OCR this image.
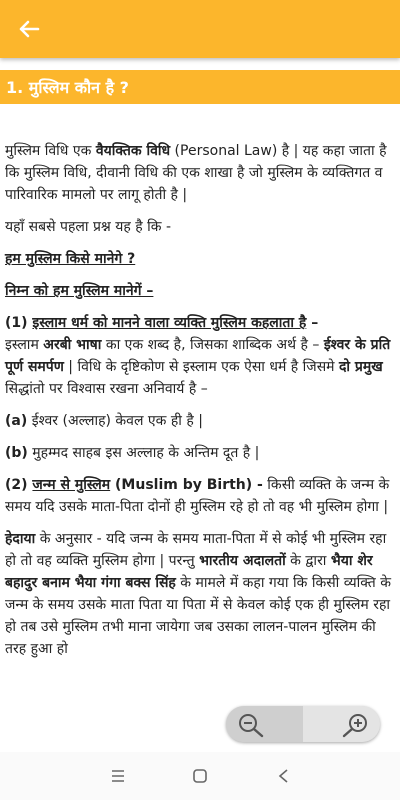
1. मुस्लिम कौन है ?

मुस्लिम विधि एक वैयक्तिक विधि (Personal Law) है | यह कहा जाता है कि मुस्लिम विधि, दीवानी विधि की एक शाखा है जो मुस्लिम के व्यक्तिगत व पारिवारिक मामलो पर लागू होती है |

यहाँ सबसे पहला प्रश्न यह है कि -

हम मुस्लिम किसे मानेगे ?

निम्न को हम मुस्लिम मानेगें –

(1) इस्लाम धर्म को मानने वाला व्यक्ति मुस्लिम कहलाता है –
इस्लाम अरबी भाषा का एक शब्द है, जिसका शाब्दिक अर्थ है – ईश्वर के प्रति पूर्ण समर्पण | विधि के दृष्टिकोण से इस्लाम एक ऐसा धर्म है जिसमे दो प्रमुख सिद्धांतो पर विश्वास रखना अनिवार्य है –

(a) ईश्वर (अल्लाह) केवल एक ही है |

(b) मुहम्मद साहब इस अल्लाह के अन्तिम दूत है |

(2) जन्म से मुस्लिम (Muslim by Birth) - किसी व्यक्ति के जन्म के समय यदि उसके माता-पिता दोनों ही मुस्लिम रहे हो तो वह भी मुस्लिम होगा |

हेदाया के अनुसार - यदि जन्म के समय माता-पिता में से कोई भी मुस्लिम रहा हो तो वह व्यक्ति मुस्लिम होगा | परन्तु भारतीय अदालतों के द्वारा भैया शेर बहादुर बनाम भैया गंगा बक्स सिंह के मामले में कहा गया कि किसी व्यक्ति के जन्म के समय उसके माता पिता या पिता में से केवल कोई एक ही मुस्लिम रहा हो तब उसे मुस्लिम तभी माना जायेगा जब उसका लालन-पालन मुस्लिम की तरह हुआ हो
